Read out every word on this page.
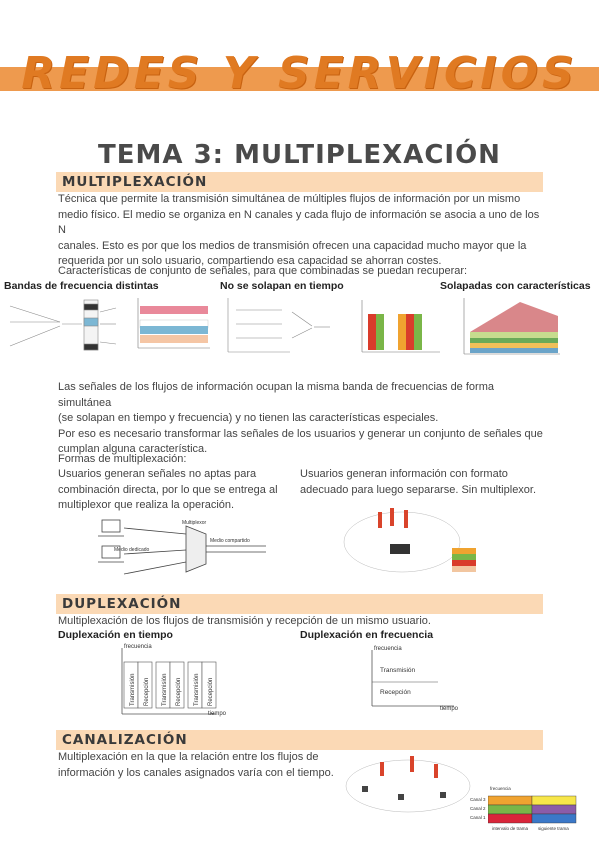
REDES Y SERVICIOS
TEMA 3: MULTIPLEXACIÓN
MULTIPLEXACIÓN
Técnica que permite la transmisión simultánea de múltiples flujos de información por un mismo
medio físico. El medio se organiza en N canales y cada flujo de información se asocia a uno de los N
canales. Esto es por que los medios de transmisión ofrecen una capacidad mucho mayor que la
requerida por un solo usuario, compartiendo esa capacidad se ahorran costes.
Características de conjunto de señales, para que combinadas se puedan recuperar:
Bandas de frecuencia distintas	No se solapan en tiempo	Solapadas con características
Las señales de los flujos de información ocupan la misma banda de frecuencias de forma simultánea
(se solapan en tiempo y frecuencia) y no tienen las características especiales.
Por eso es necesario transformar las señales de los usuarios y generar un conjunto de señales que
cumplan alguna característica.
Formas de multiplexación:
Usuarios generan señales no aptas para
combinación directa, por lo que se entrega al
multiplexor que realiza la operación.
Usuarios generan información con formato
adecuado para luego separarse. Sin multiplexor.
Multiplexor
Medio dedicado
Medio compartido
DUPLEXACIÓN
Multiplexación de los flujos de transmisión y recepción de un mismo usuario.
Duplexación en tiempo	Duplexación en frecuencia
Transmisión Recepción Transmisión Recepción Transmisión Recepción
frecuencia
tiempo
frecuencia
tiempo
Transmisión
Recepción
CANALIZACIÓN
Multiplexación en la que la relación entre los flujos de
información y los canales asignados varía con el tiempo.
frecuencia
Canal 3
Canal 2
Canal 1
intervalo de trama siguiente trama
